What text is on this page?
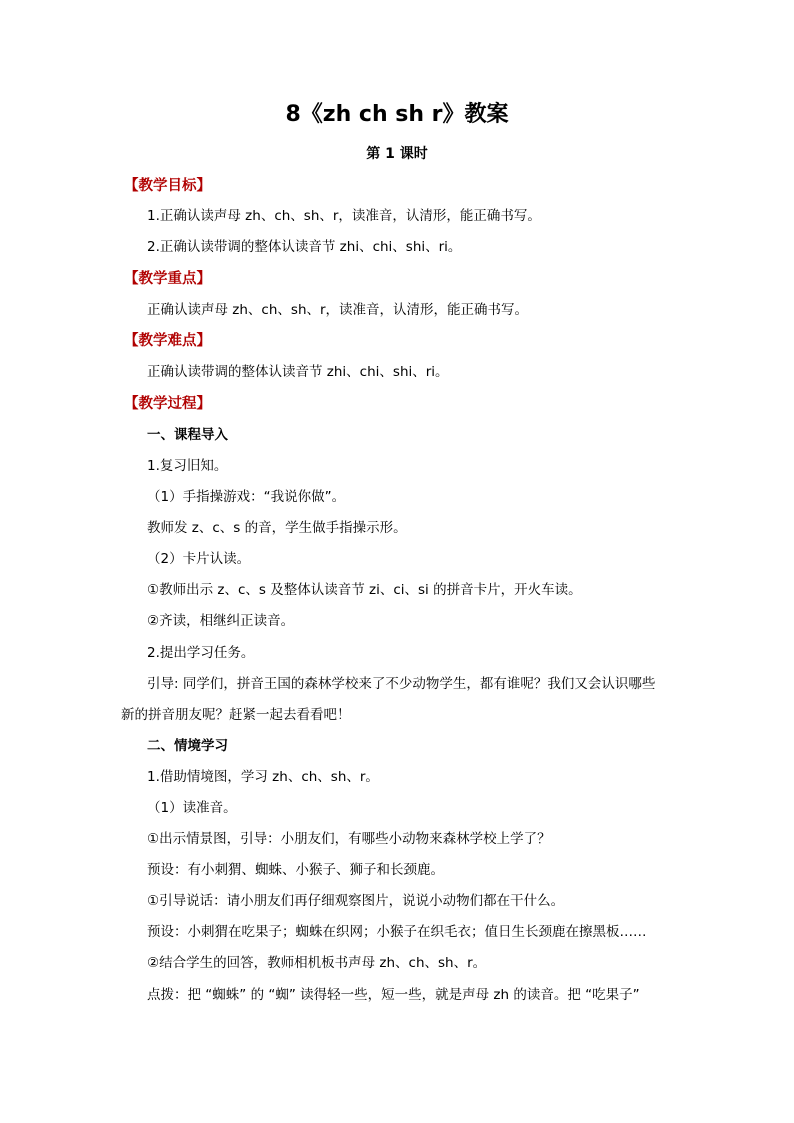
8《zh ch sh r》教案
第 1 课时
【教学目标】
1.正确认读声母 zh、ch、sh、r，读准音，认清形，能正确书写。
2.正确认读带调的整体认读音节 zhi、chi、shi、ri。
【教学重点】
正确认读声母 zh、ch、sh、r，读准音，认清形，能正确书写。
【教学难点】
正确认读带调的整体认读音节 zhi、chi、shi、ri。
【教学过程】
一、课程导入
1.复习旧知。
（1）手指操游戏：“我说你做”。
教师发 z、c、s 的音，学生做手指操示形。
（2）卡片认读。
①教师出示 z、c、s 及整体认读音节 zi、ci、si 的拼音卡片，开火车读。
②齐读，相继纠正读音。
2.提出学习任务。
引导: 同学们，拼音王国的森林学校来了不少动物学生，都有谁呢？我们又会认识哪些
新的拼音朋友呢？赶紧一起去看看吧！
二、情境学习
1.借助情境图，学习 zh、ch、sh、r。
（1）读准音。
①出示情景图，引导：小朋友们，有哪些小动物来森林学校上学了？
预设：有小刺猬、蜘蛛、小猴子、狮子和长颈鹿。
①引导说话：请小朋友们再仔细观察图片，说说小动物们都在干什么。
预设：小刺猬在吃果子；蜘蛛在织网；小猴子在织毛衣；值日生长颈鹿在擦黑板……
②结合学生的回答，教师相机板书声母 zh、ch、sh、r。
点拨：把 “蜘蛛” 的 “蜘” 读得轻一些，短一些，就是声母 zh 的读音。把 “吃果子”
